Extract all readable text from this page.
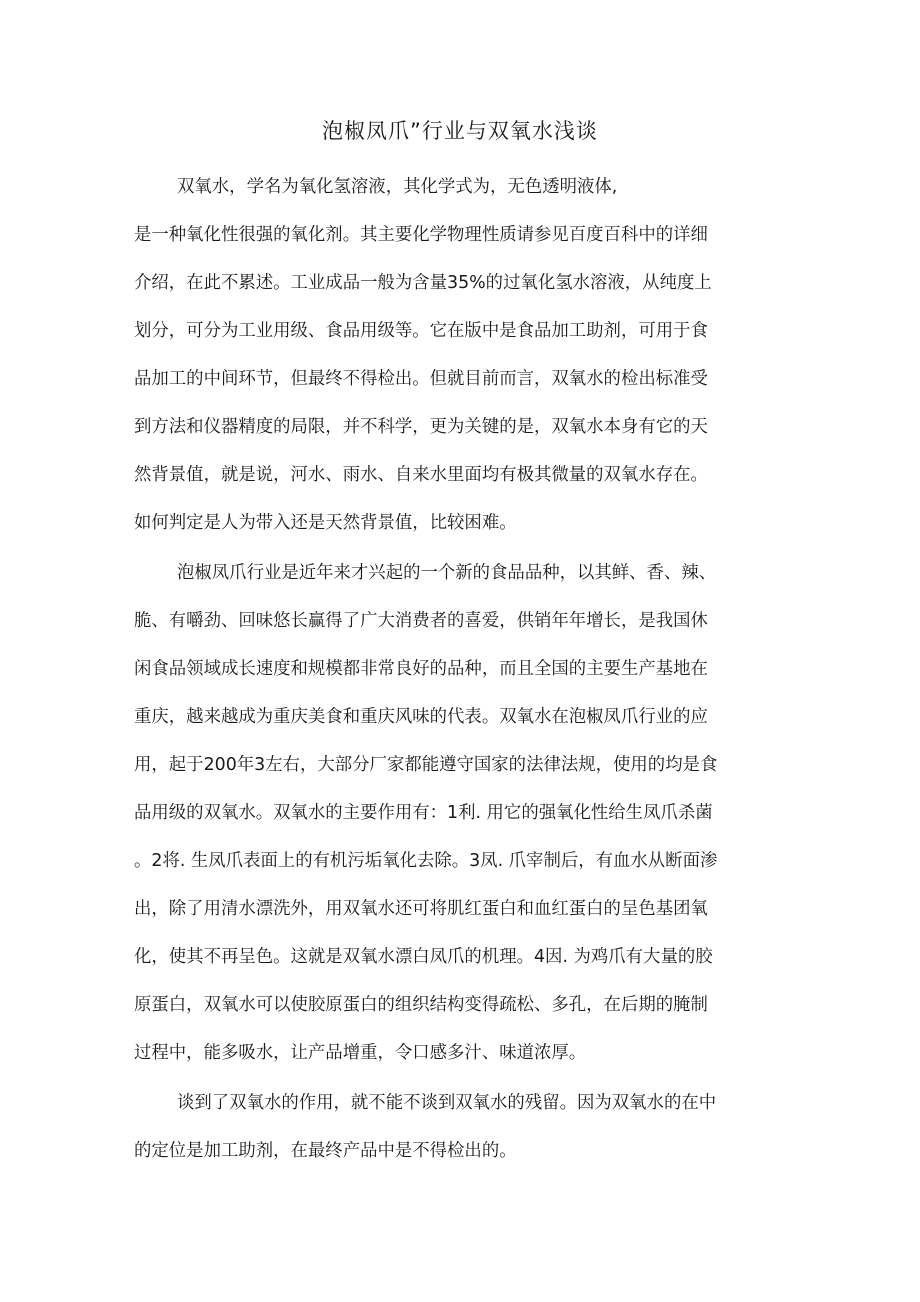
泡椒凤爪”行业与双氧水浅谈
双氧水，学名为氧化氢溶液，其化学式为，无色透明液体,
是一种氧化性很强的氧化剂。其主要化学物理性质请参见百度百科中的详细
介绍，在此不累述。工业成品一般为含量35%的过氧化氢水溶液，从纯度上
划分，可分为工业用级、食品用级等。它在版中是食品加工助剂，可用于食
品加工的中间环节，但最终不得检出。但就目前而言，双氧水的检出标准受
到方法和仪器精度的局限，并不科学，更为关键的是，双氧水本身有它的天
然背景值，就是说，河水、雨水、自来水里面均有极其微量的双氧水存在。
如何判定是人为带入还是天然背景值，比较困难。
泡椒凤爪行业是近年来才兴起的一个新的食品品种，以其鲜、香、辣、
脆、有嚼劲、回味悠长赢得了广大消费者的喜爱，供销年年增长，是我国休
闲食品领域成长速度和规模都非常良好的品种，而且全国的主要生产基地在
重庆，越来越成为重庆美食和重庆风味的代表。双氧水在泡椒凤爪行业的应
用，起于200年3左右，大部分厂家都能遵守国家的法律法规，使用的均是食
品用级的双氧水。双氧水的主要作用有：1利. 用它的强氧化性给生凤爪杀菌
。2将. 生凤爪表面上的有机污垢氧化去除。3凤. 爪宰制后，有血水从断面渗
出，除了用清水漂洗外，用双氧水还可将肌红蛋白和血红蛋白的呈色基团氧
化，使其不再呈色。这就是双氧水漂白凤爪的机理。4因. 为鸡爪有大量的胶
原蛋白，双氧水可以使胶原蛋白的组织结构变得疏松、多孔，在后期的腌制
过程中，能多吸水，让产品增重，令口感多汁、味道浓厚。
谈到了双氧水的作用，就不能不谈到双氧水的残留。因为双氧水的在中
的定位是加工助剂，在最终产品中是不得检出的。
